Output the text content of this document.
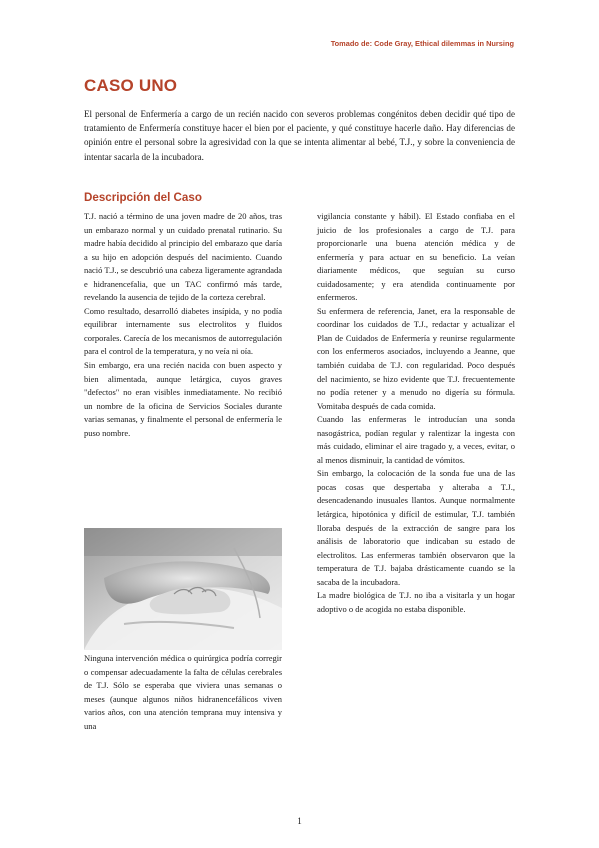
Tomado de: Code Gray, Ethical dilemmas in Nursing
CASO UNO

El personal de Enfermería a cargo de un recién nacido con severos problemas congénitos deben decidir qué tipo de tratamiento de Enfermería constituye hacer el bien por el paciente, y qué constituye hacerle daño. Hay diferencias de opinión entre el personal sobre la agresividad con la que se intenta alimentar al bebé, T.J., y sobre la conveniencia de intentar sacarla de la incubadora.

Descripción del Caso

T.J. nació a término de una joven madre de 20 años, tras un embarazo normal y un cuidado prenatal rutinario. Su madre había decidido al principio del embarazo que daría a su hijo en adopción después del nacimiento. Cuando nació T.J., se descubrió una cabeza ligeramente agrandada e hidranencefalia, que un TAC confirmó más tarde, revelando la ausencia de tejido de la corteza cerebral.

Como resultado, desarrolló diabetes insípida, y no podía equilibrar internamente sus electrolitos y fluidos corporales. Carecía de los mecanismos de autorregulación para el control de la temperatura, y no veía ni oía.

Sin embargo, era una recién nacida con buen aspecto y bien alimentada, aunque letárgica, cuyos graves "defectos" no eran visibles inmediatamente. No recibió un nombre de la oficina de Servicios Sociales durante varias semanas, y finalmente el personal de enfermería le puso nombre.

Ninguna intervención médica o quirúrgica podría corregir o compensar adecuadamente la falta de células cerebrales de T.J. Sólo se esperaba que viviera unas semanas o meses (aunque algunos niños hidranencefálicos viven varios años, con una atención temprana muy intensiva y una

vigilancia constante y hábil). El Estado confiaba en el juicio de los profesionales a cargo de T.J. para proporcionarle una buena atención médica y de enfermería y para actuar en su beneficio. La veían diariamente médicos, que seguían su curso cuidadosamente; y era atendida continuamente por enfermeros.

Su enfermera de referencia, Janet, era la responsable de coordinar los cuidados de T.J., redactar y actualizar el Plan de Cuidados de Enfermería y reunirse regularmente con los enfermeros asociados, incluyendo a Jeanne, que también cuidaba de T.J. con regularidad. Poco después del nacimiento, se hizo evidente que T.J. frecuentemente no podía retener y a menudo no digería su fórmula. Vomitaba después de cada comida.

Cuando las enfermeras le introducían una sonda nasogástrica, podían regular y ralentizar la ingesta con más cuidado, eliminar el aire tragado y, a veces, evitar, o al menos disminuir, la cantidad de vómitos.

Sin embargo, la colocación de la sonda fue una de las pocas cosas que despertaba y alteraba a T.J., desencadenando inusuales llantos. Aunque normalmente letárgica, hipotónica y difícil de estimular, T.J. también lloraba después de la extracción de sangre para los análisis de laboratorio que indicaban su estado de electrolitos. Las enfermeras también observaron que la temperatura de T.J. bajaba drásticamente cuando se la sacaba de la incubadora.

La madre biológica de T.J. no iba a visitarla y un hogar adoptivo o de acogida no estaba disponible.

1
